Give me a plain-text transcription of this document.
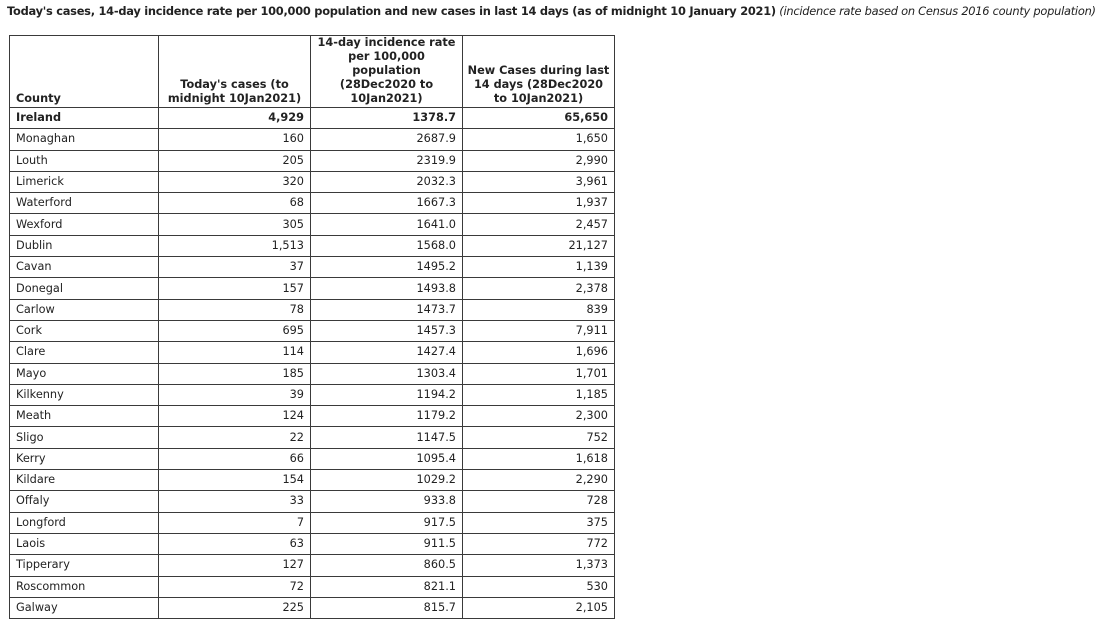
Today's cases, 14-day incidence rate per 100,000 population and new cases in last 14 days (as of midnight 10 January 2021) (incidence rate based on Census 2016 county population)
County	Today's cases (to midnight 10Jan2021)	14-day incidence rate per 100,000 population (28Dec2020 to 10Jan2021)	New Cases during last 14 days (28Dec2020 to 10Jan2021)
Ireland	4,929	1378.7	65,650
Monaghan	160	2687.9	1,650
Louth	205	2319.9	2,990
Limerick	320	2032.3	3,961
Waterford	68	1667.3	1,937
Wexford	305	1641.0	2,457
Dublin	1,513	1568.0	21,127
Cavan	37	1495.2	1,139
Donegal	157	1493.8	2,378
Carlow	78	1473.7	839
Cork	695	1457.3	7,911
Clare	114	1427.4	1,696
Mayo	185	1303.4	1,701
Kilkenny	39	1194.2	1,185
Meath	124	1179.2	2,300
Sligo	22	1147.5	752
Kerry	66	1095.4	1,618
Kildare	154	1029.2	2,290
Offaly	33	933.8	728
Longford	7	917.5	375
Laois	63	911.5	772
Tipperary	127	860.5	1,373
Roscommon	72	821.1	530
Galway	225	815.7	2,105
